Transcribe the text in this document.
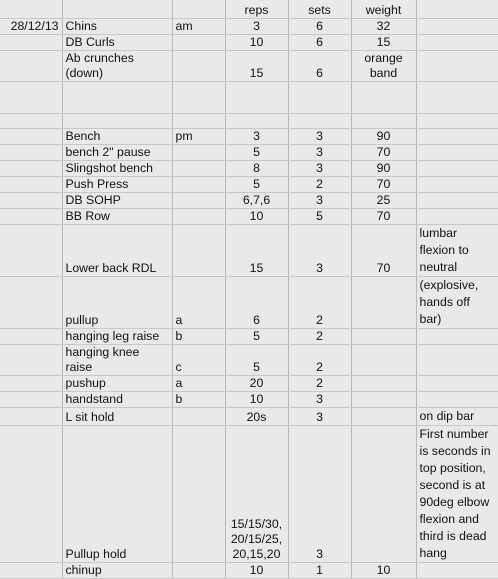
			reps	sets	weight	
28/12/13	Chins	am	3	6	32	
	DB Curls		10	6	15	
	Ab crunches (down)		15	6	orange band	

	Bench	pm	3	3	90	
	bench 2" pause		5	3	70	
	Slingshot bench		8	3	90	
	Push Press		5	2	70	
	DB SOHP		6,7,6	3	25	
	BB Row		10	5	70	
	Lower back RDL		15	3	70	lumbar flexion to neutral
	pullup	a	6	2		(explosive, hands off bar)
	hanging leg raise	b	5	2		
	hanging knee raise	c	5	2		
	pushup	a	20	2		
	handstand	b	10	3		
	L sit hold		20s	3		on dip bar
	Pullup hold		15/15/30, 20/15/25, 20,15,20	3		First number is seconds in top position, second is at 90deg elbow flexion and third is dead hang
	chinup		10	1	10	
